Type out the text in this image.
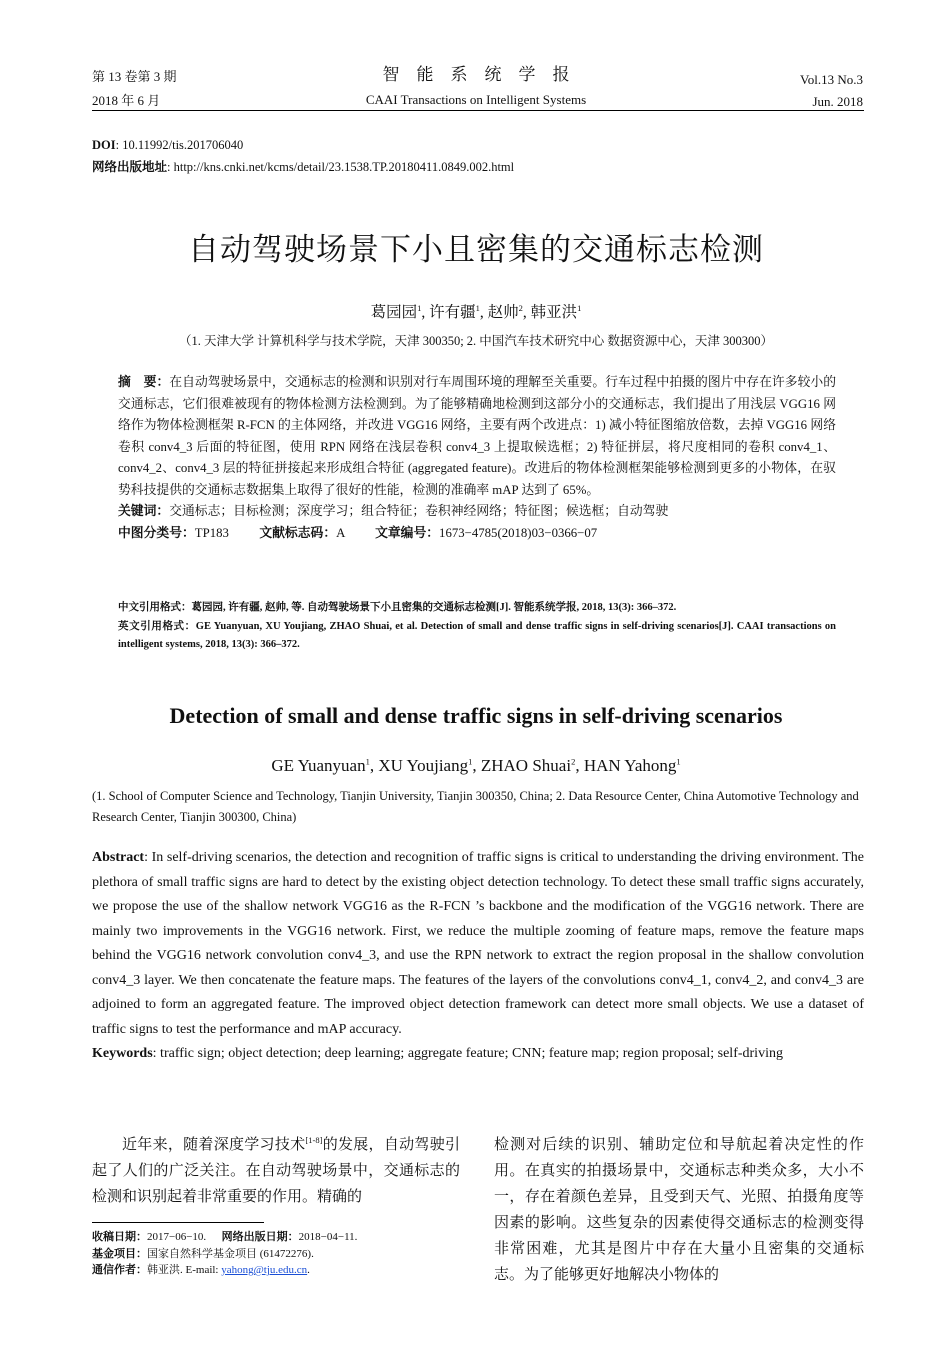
第 13 卷第 3 期
2018 年 6 月
智　能　系　统　学　报
CAAI Transactions on Intelligent Systems
Vol.13 No.3
Jun. 2018
DOI: 10.11992/tis.201706040
网络出版地址: http://kns.cnki.net/kcms/detail/23.1538.TP.20180411.0849.002.html
自动驾驶场景下小且密集的交通标志检测
葛园园$^1$, 许有疆$^1$, 赵帅$^2$, 韩亚洪$^1$
（1. 天津大学 计算机科学与技术学院，天津 300350; 2. 中国汽车技术研究中心 数据资源中心，天津 300300）

摘　要：在自动驾驶场景中，交通标志的检测和识别对行车周围环境的理解至关重要。行车过程中拍摄的图片中存在许多较小的交通标志，它们很难被现有的物体检测方法检测到。为了能够精确地检测到这部分小的交通标志，我们提出了用浅层 VGG16 网络作为物体检测框架 R-FCN 的主体网络，并改进 VGG16 网络，主要有两个改进点：1) 减小特征图缩放倍数，去掉 VGG16 网络卷积 conv4_3 后面的特征图，使用 RPN 网络在浅层卷积 conv4_3 上提取候选框；2) 特征拼层，将尺度相同的卷积 conv4_1、conv4_2、conv4_3 层的特征拼接起来形成组合特征 (aggregated feature)。改进后的物体检测框架能够检测到更多的小物体，在驭势科技提供的交通标志数据集上取得了很好的性能，检测的准确率 mAP 达到了 65%。

关键词：交通标志；目标检测；深度学习；组合特征；卷积神经网络；特征图；候选框；自动驾驶

中图分类号：TP183 文献标志码：A 文章编号：1673−4785(2018)03−0366−07

中文引用格式：葛园园, 许有疆, 赵帅, 等. 自动驾驶场景下小且密集的交通标志检测[J]. 智能系统学报, 2018, 13(3): 366–372.

英文引用格式：GE Yuanyuan, XU Youjiang, ZHAO Shuai, et al. Detection of small and dense traffic signs in self-driving scenarios[J]. CAAI transactions on intelligent systems, 2018, 13(3): 366–372.

Detection of small and dense traffic signs in self-driving scenarios
GE Yuanyuan$^1$, XU Youjiang$^1$, ZHAO Shuai$^2$, HAN Yahong$^1$
(1. School of Computer Science and Technology, Tianjin University, Tianjin 300350, China; 2. Data Resource Center, China Automotive Technology and Research Center, Tianjin 300300, China)

Abstract: In self-driving scenarios, the detection and recognition of traffic signs is critical to understanding the driving environment. The plethora of small traffic signs are hard to detect by the existing object detection technology. To detect these small traffic signs accurately, we propose the use of the shallow network VGG16 as the R-FCN ’s backbone and the modification of the VGG16 network. There are mainly two improvements in the VGG16 network. First, we reduce the multiple zooming of feature maps, remove the feature maps behind the VGG16 network convolution conv4_3, and use the RPN network to extract the region proposal in the shallow convolution conv4_3 layer. We then concatenate the feature maps. The features of the layers of the convolutions conv4_1, conv4_2, and conv4_3 are adjoined to form an aggregated feature. The improved object detection framework can detect more small objects. We use a dataset of traffic signs to test the performance and mAP accuracy.

Keywords: traffic sign; object detection; deep learning; aggregate feature; CNN; feature map; region proposal; self-driving

近年来，随着深度学习技术[1-8]的发展，自动驾驶引起了人们的广泛关注。在自动驾驶场景中，交通标志的检测和识别起着非常重要的作用。精确的

收稿日期：2017−06−10. 网络出版日期：2018−04−11.

基金项目：国家自然科学基金项目 (61472276).

通信作者：韩亚洪. E-mail: yahong@tju.edu.cn.

检测对后续的识别、辅助定位和导航起着决定性的作用。在真实的拍摄场景中，交通标志种类众多，大小不一，存在着颜色差异，且受到天气、光照、拍摄角度等因素的影响。这些复杂的因素使得交通标志的检测变得非常困难，尤其是图片中存在大量小且密集的交通标志。为了能够更好地解决小物体的
